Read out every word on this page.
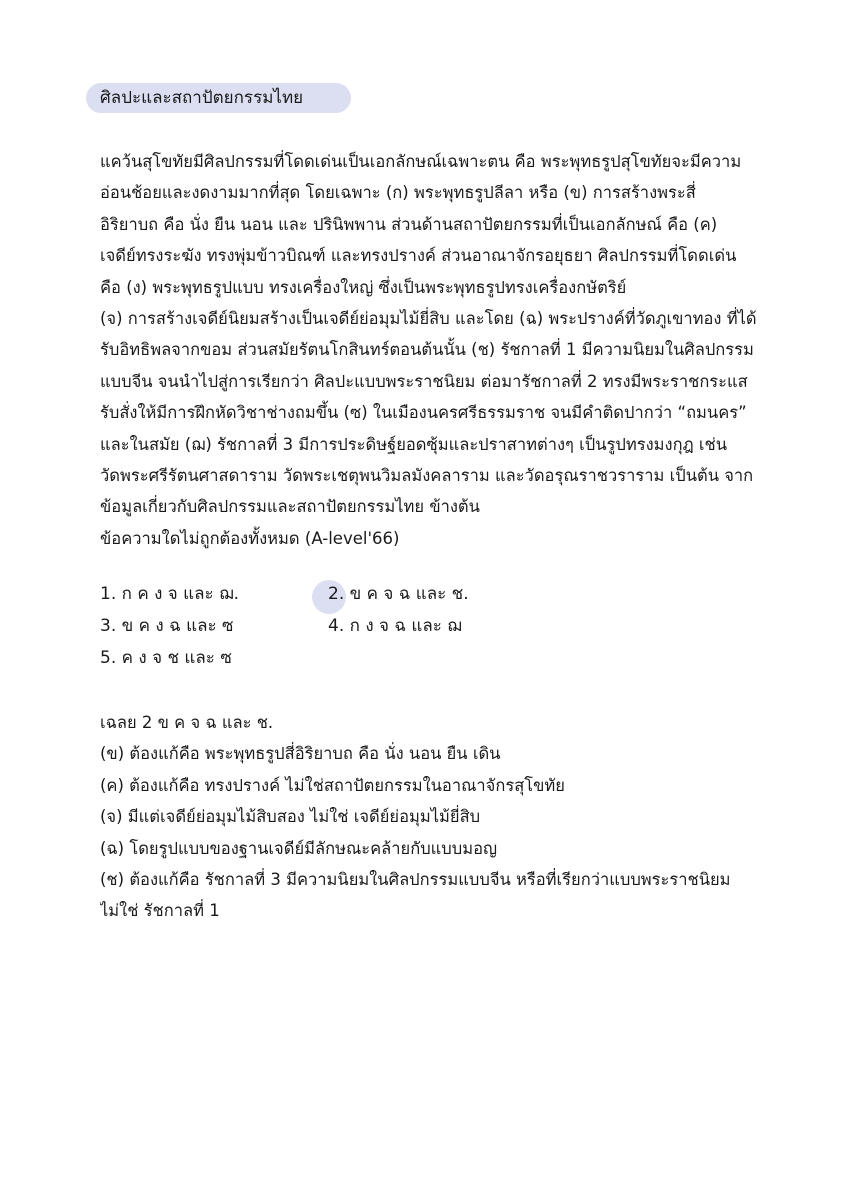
ศิลปะและสถาปัตยกรรมไทย
แคว้นสุโขทัยมีศิลปกรรมที่โดดเด่นเป็นเอกลักษณ์เฉพาะตน คือ พระพุทธรูปสุโขทัยจะมีความ
อ่อนช้อยและงดงามมากที่สุด โดยเฉพาะ (ก) พระพุทธรูปลีลา หรือ (ข) การสร้างพระสี่
อิริยาบถ คือ นั่ง ยืน นอน และ ปรินิพพาน ส่วนด้านสถาปัตยกรรมที่เป็นเอกลักษณ์ คือ (ค)
เจดีย์ทรงระฆัง ทรงพุ่มข้าวบิณฑ์ และทรงปรางค์ ส่วนอาณาจักรอยุธยา ศิลปกรรมที่โดดเด่น
คือ (ง) พระพุทธรูปแบบ ทรงเครื่องใหญ่ ซึ่งเป็นพระพุทธรูปทรงเครื่องกษัตริย์
(จ) การสร้างเจดีย์นิยมสร้างเป็นเจดีย์ย่อมุมไม้ยี่สิบ และโดย (ฉ) พระปรางค์ที่วัดภูเขาทอง ที่ได้
รับอิทธิพลจากขอม ส่วนสมัยรัตนโกสินทร์ตอนต้นนั้น (ช) รัชกาลที่ 1 มีความนิยมในศิลปกรรม
แบบจีน จนนำไปสู่การเรียกว่า ศิลปะแบบพระราชนิยม ต่อมารัชกาลที่ 2 ทรงมีพระราชกระแส
รับสั่งให้มีการฝึกหัดวิชาช่างถมขึ้น (ซ) ในเมืองนครศรีธรรมราช จนมีคำติดปากว่า “ถมนคร”
และในสมัย (ฌ) รัชกาลที่ 3 มีการประดิษฐ์ยอดซุ้มและปราสาทต่างๆ เป็นรูปทรงมงกุฎ เช่น
วัดพระศรีรัตนศาสดาราม วัดพระเชตุพนวิมลมังคลาราม และวัดอรุณราชวราราม เป็นต้น จาก
ข้อมูลเกี่ยวกับศิลปกรรมและสถาปัตยกรรมไทย ข้างต้น
ข้อความใดไม่ถูกต้องทั้งหมด (A-level'66)
1. ก ค ง จ และ ฌ.	2. ข ค จ ฉ และ ช.
3. ข ค ง ฉ และ ซ	4. ก ง จ ฉ และ ฌ
5. ค ง จ ช และ ซ
เฉลย 2 ข ค จ ฉ และ ช.
(ข) ต้องแก้คือ พระพุทธรูปสี่อิริยาบถ คือ นั่ง นอน ยืน เดิน
(ค) ต้องแก้คือ ทรงปรางค์ ไม่ใช่สถาปัตยกรรมในอาณาจักรสุโขทัย
(จ) มีแต่เจดีย์ย่อมุมไม้สิบสอง ไม่ใช่ เจดีย์ย่อมุมไม้ยี่สิบ
(ฉ) โดยรูปแบบของฐานเจดีย์มีลักษณะคล้ายกับแบบมอญ
(ช) ต้องแก้คือ รัชกาลที่ 3 มีความนิยมในศิลปกรรมแบบจีน หรือที่เรียกว่าแบบพระราชนิยม
ไม่ใช่ รัชกาลที่ 1
